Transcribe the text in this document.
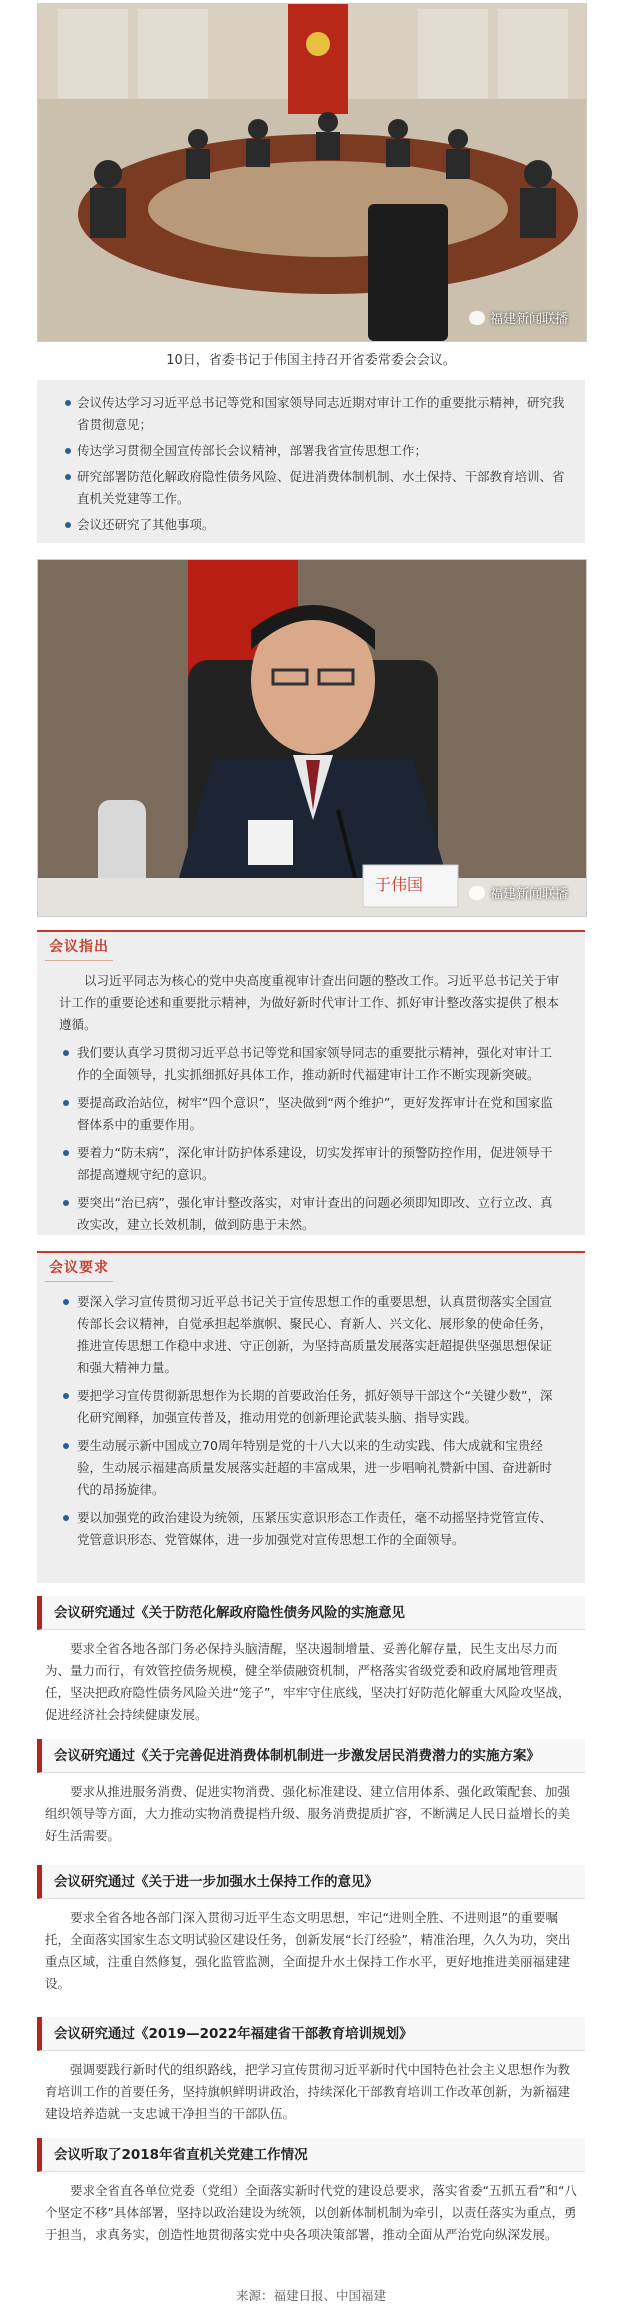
福建新闻联播
10日，省委书记于伟国主持召开省委常委会会议。
会议传达学习习近平总书记等党和国家领导同志近期对审计工作的重要批示精神，研究我省贯彻意见；
传达学习贯彻全国宣传部长会议精神，部署我省宣传思想工作；
研究部署防范化解政府隐性债务风险、促进消费体制机制、水土保持、干部教育培训、省直机关党建等工作。
会议还研究了其他事项。
于伟国
福建新闻联播
会议指出

以习近平同志为核心的党中央高度重视审计查出问题的整改工作。习近平总书记关于审计工作的重要论述和重要批示精神，为做好新时代审计工作、抓好审计整改落实提供了根本遵循。

我们要认真学习贯彻习近平总书记等党和国家领导同志的重要批示精神，强化对审计工作的全面领导，扎实抓细抓好具体工作，推动新时代福建审计工作不断实现新突破。
要提高政治站位，树牢“四个意识”，坚决做到“两个维护”，更好发挥审计在党和国家监督体系中的重要作用。
要着力“防未病”，深化审计防护体系建设，切实发挥审计的预警防控作用，促进领导干部提高遵规守纪的意识。
要突出“治已病”，强化审计整改落实，对审计查出的问题必须即知即改、立行立改、真改实改，建立长效机制，做到防患于未然。
会议要求
要深入学习宣传贯彻习近平总书记关于宣传思想工作的重要思想，认真贯彻落实全国宣传部长会议精神，自觉承担起举旗帜、聚民心、育新人、兴文化、展形象的使命任务，推进宣传思想工作稳中求进、守正创新，为坚持高质量发展落实赶超提供坚强思想保证和强大精神力量。
要把学习宣传贯彻新思想作为长期的首要政治任务，抓好领导干部这个“关键少数”，深化研究阐释，加强宣传普及，推动用党的创新理论武装头脑、指导实践。
要生动展示新中国成立70周年特别是党的十八大以来的生动实践、伟大成就和宝贵经验，生动展示福建高质量发展落实赶超的丰富成果，进一步唱响礼赞新中国、奋进新时代的昂扬旋律。
要以加强党的政治建设为统领，压紧压实意识形态工作责任，毫不动摇坚持党管宣传、党管意识形态、党管媒体，进一步加强党对宣传思想工作的全面领导。
会议研究通过《关于防范化解政府隐性债务风险的实施意见
要求全省各地各部门务必保持头脑清醒，坚决遏制增量、妥善化解存量，民生支出尽力而为、量力而行，有效管控债务规模，健全举债融资机制，严格落实省级党委和政府属地管理责任，坚决把政府隐性债务风险关进“笼子”，牢牢守住底线，坚决打好防范化解重大风险攻坚战，促进经济社会持续健康发展。
会议研究通过《关于完善促进消费体制机制进一步激发居民消费潜力的实施方案》
要求从推进服务消费、促进实物消费、强化标准建设、建立信用体系、强化政策配套、加强组织领导等方面，大力推动实物消费提档升级、服务消费提质扩容，不断满足人民日益增长的美好生活需要。
会议研究通过《关于进一步加强水土保持工作的意见》
要求全省各地各部门深入贯彻习近平生态文明思想，牢记“进则全胜、不进则退”的重要嘱托，全面落实国家生态文明试验区建设任务，创新发展“长汀经验”，精准治理，久久为功，突出重点区域，注重自然修复，强化监管监测，全面提升水土保持工作水平，更好地推进美丽福建建设。
会议研究通过《2019—2022年福建省干部教育培训规划》
强调要践行新时代的组织路线，把学习宣传贯彻习近平新时代中国特色社会主义思想作为教育培训工作的首要任务，坚持旗帜鲜明讲政治，持续深化干部教育培训工作改革创新，为新福建建设培养造就一支忠诚干净担当的干部队伍。
会议听取了2018年省直机关党建工作情况
要求全省直各单位党委（党组）全面落实新时代党的建设总要求，落实省委“五抓五看”和“八个坚定不移”具体部署，坚持以政治建设为统领，以创新体制机制为牵引，以责任落实为重点，勇于担当，求真务实，创造性地贯彻落实党中央各项决策部署，推动全面从严治党向纵深发展。
来源：福建日报、中国福建
